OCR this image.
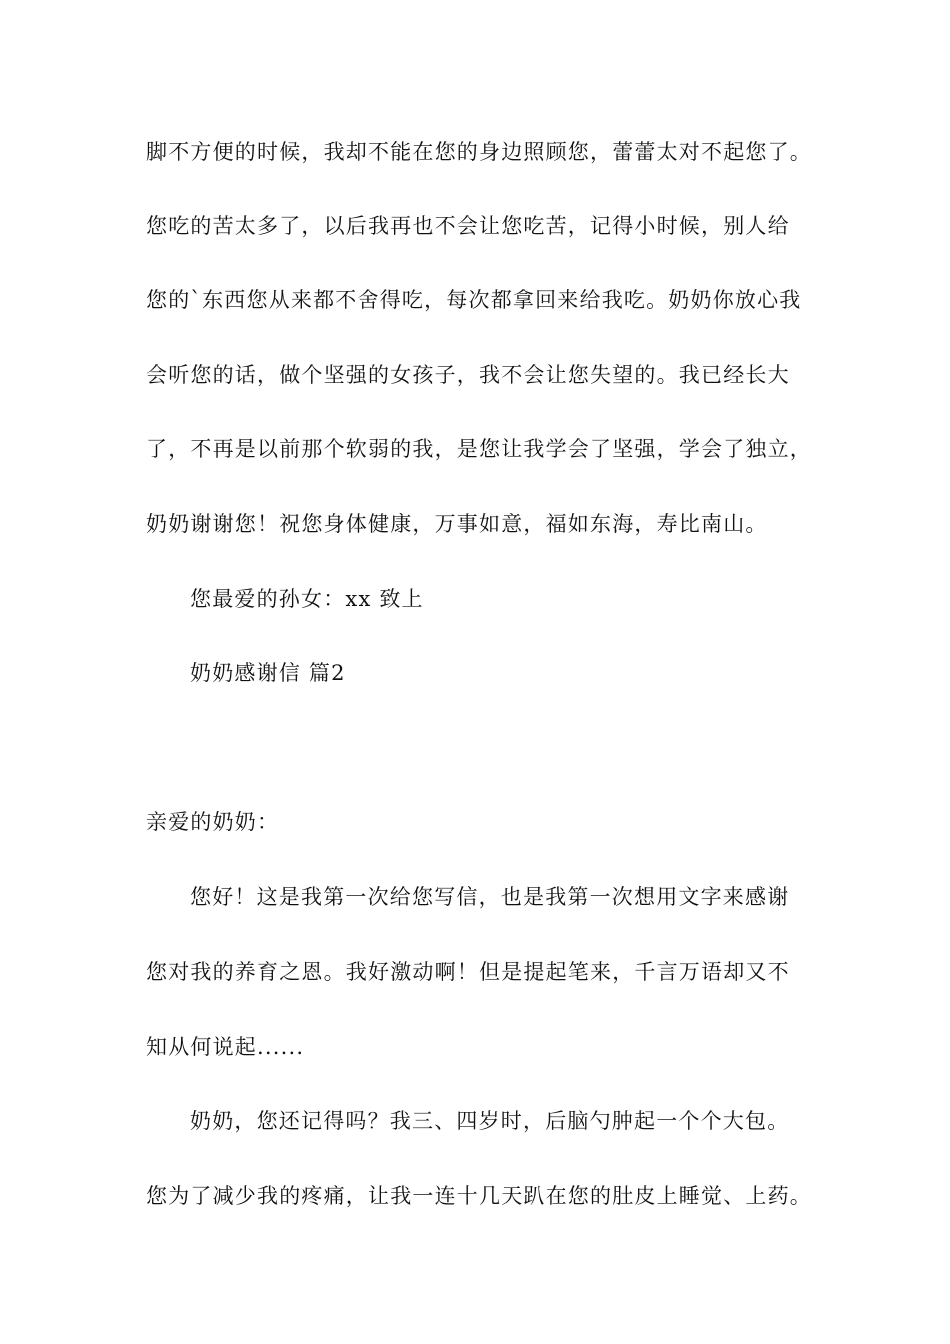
脚不方便的时候，我却不能在您的身边照顾您，蕾蕾太对不起您了。
您吃的苦太多了，以后我再也不会让您吃苦，记得小时候，别人给
您的`东西您从来都不舍得吃，每次都拿回来给我吃。奶奶你放心我
会听您的话，做个坚强的女孩子，我不会让您失望的。我已经长大
了，不再是以前那个软弱的我，是您让我学会了坚强，学会了独立，
奶奶谢谢您！祝您身体健康，万事如意，福如东海，寿比南山。
您最爱的孙女：xx 致上
奶奶感谢信 篇2
亲爱的奶奶：
您好！这是我第一次给您写信，也是我第一次想用文字来感谢
您对我的养育之恩。我好激动啊！但是提起笔来，千言万语却又不
知从何说起......
奶奶，您还记得吗？我三、四岁时，后脑勺肿起一个个大包。
您为了减少我的疼痛，让我一连十几天趴在您的肚皮上睡觉、上药。
